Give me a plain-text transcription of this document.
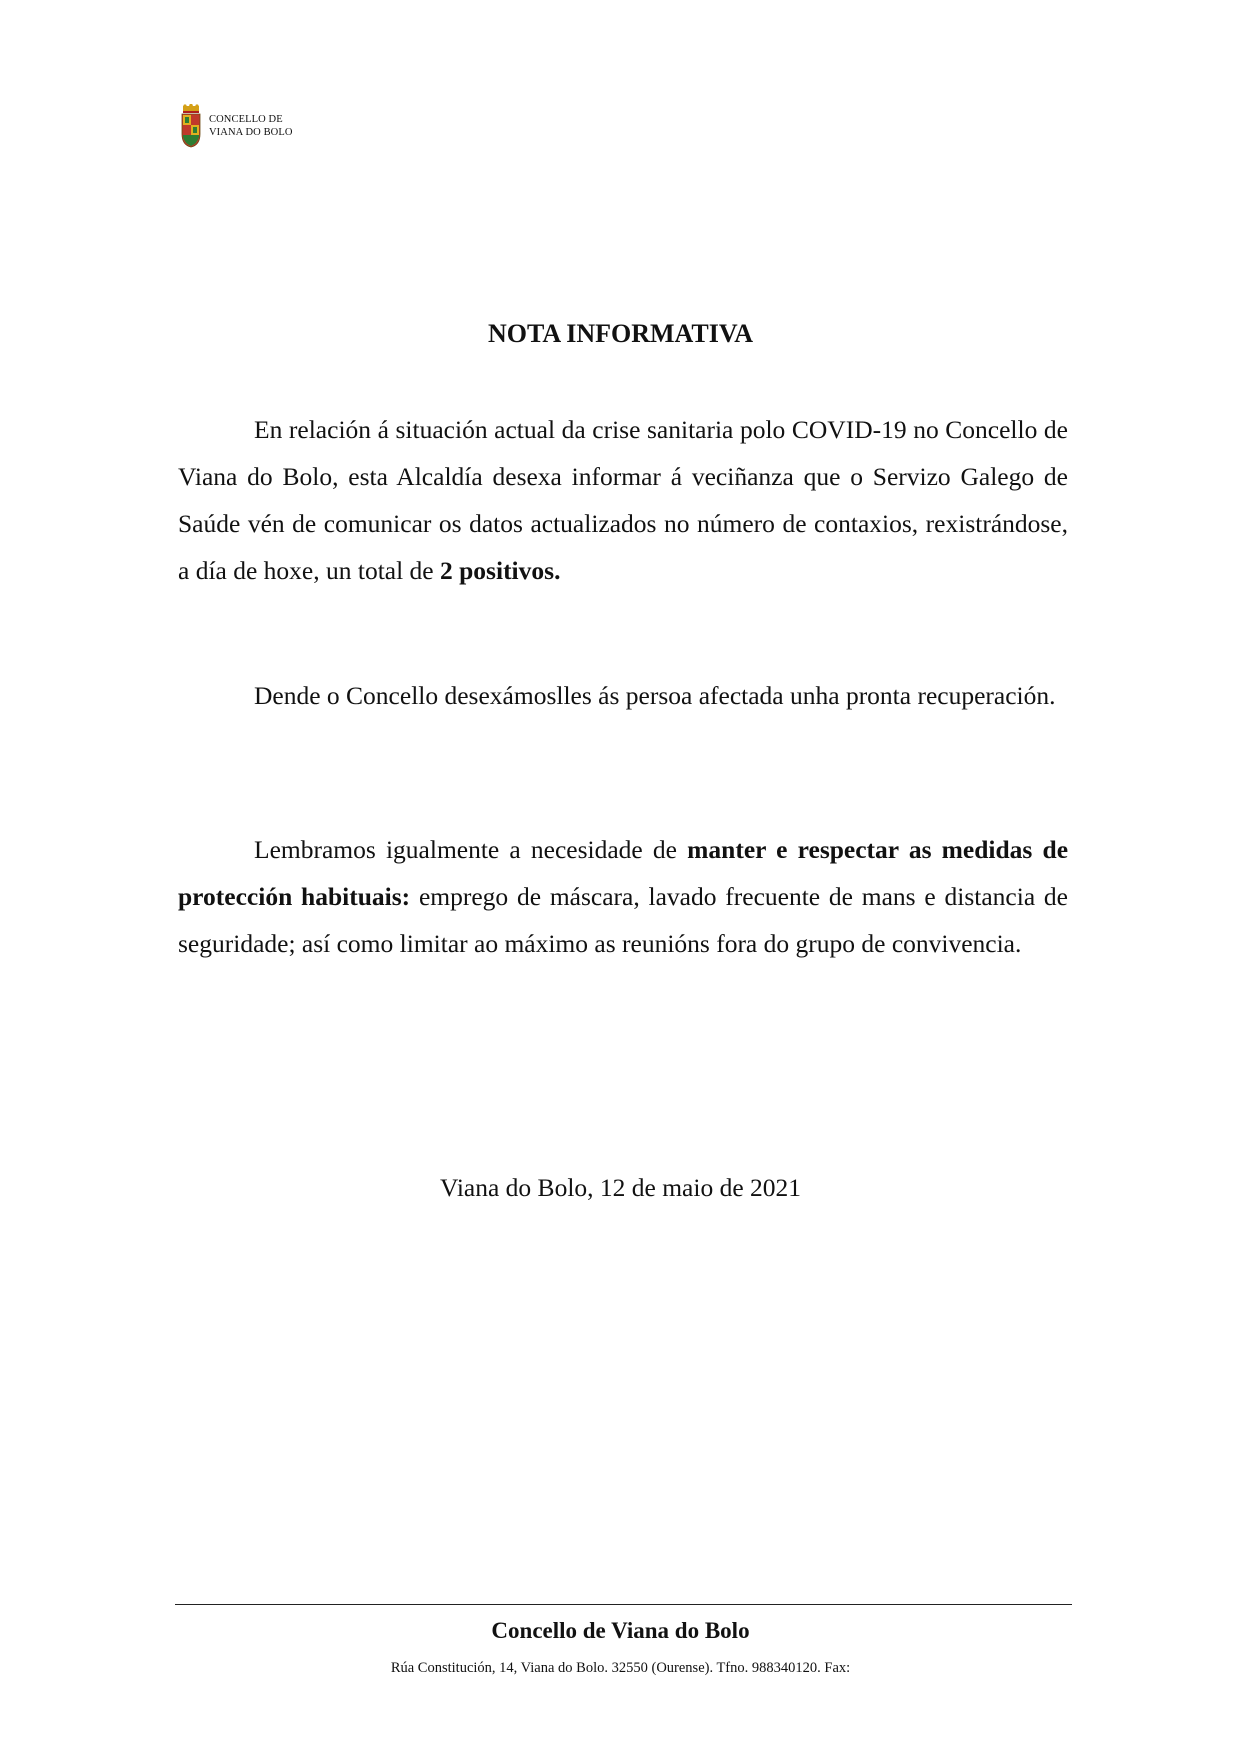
CONCELLO DE
VIANA DO BOLO
NOTA INFORMATIVA

En relación á situación actual da crise sanitaria polo COVID-19 no Concello de Viana do Bolo, esta Alcaldía desexa informar á veciñanza que o Servizo Galego de Saúde vén de comunicar os datos actualizados no número de contaxios, rexistrándose, a día de hoxe, un total de 2 positivos.

Dende o Concello desexámoslles ás persoa afectada unha pronta recuperación.

Lembramos igualmente a necesidade de manter e respectar as medidas de protección habituais: emprego de máscara, lavado frecuente de mans e distancia de seguridade; así como limitar ao máximo as reunións fora do grupo de convivencia.

Viana do Bolo, 12 de maio de 2021
Concello de Viana do Bolo
Rúa Constitución, 14, Viana do Bolo. 32550 (Ourense). Tfno. 988340120. Fax:
